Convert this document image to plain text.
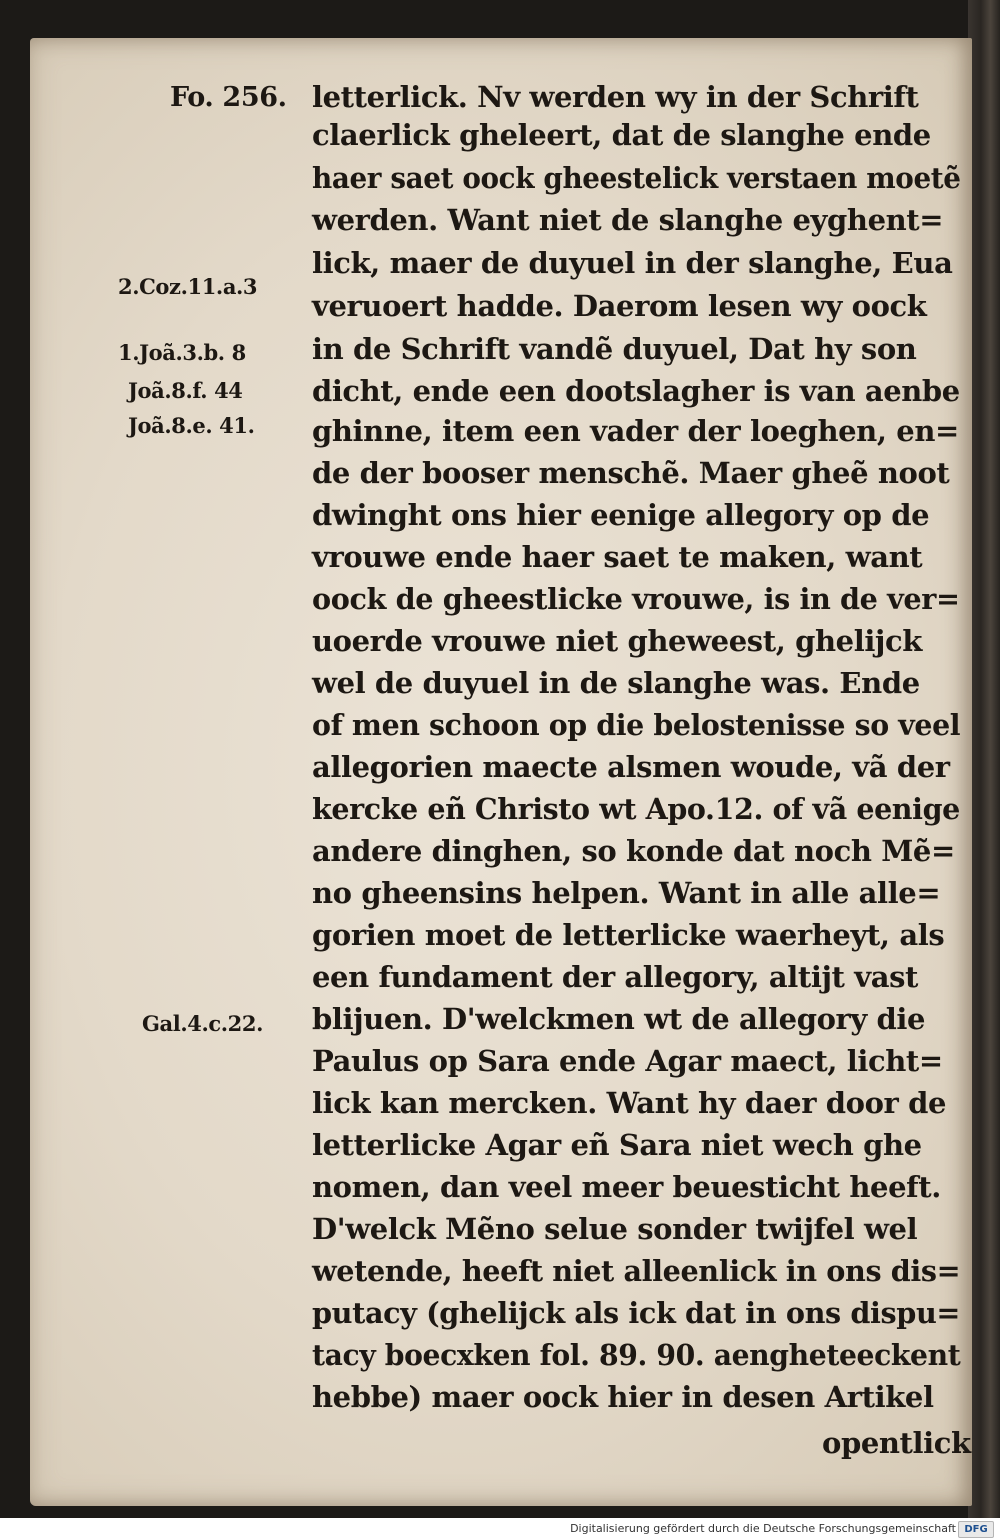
Fo. 256.

2.Coz.11.a.3

1.Joã.3.b. 8

Joã.8.f. 44

Joã.8.e. 41.

Gal.4.c.22.

letterlick. Nv werden wy in der Schrift

claerlick gheleert, dat de slanghe ende

haer saet oock gheestelick verstaen moetẽ

werden. Want niet de slanghe eyghent=

lick, maer de duyuel in der slanghe, Eua

veruoert hadde. Daerom lesen wy oock

in de Schrift vandẽ duyuel, Dat hy son

dicht, ende een dootslagher is van aenbe

ghinne, item een vader der loeghen, en=

de der booser menschẽ. Maer gheẽ noot

dwinght ons hier eenige allegory op de

vrouwe ende haer saet te maken, want

oock de gheestlicke vrouwe, is in de ver=

uoerde vrouwe niet gheweest, ghelijck

wel de duyuel in de slanghe was. Ende

of men schoon op die belostenisse so veel

allegorien maecte alsmen woude, vã der

kercke eñ Christo wt Apo.12. of vã eenige

andere dinghen, so konde dat noch Mẽ=

no gheensins helpen. Want in alle alle=

gorien moet de letterlicke waerheyt, als

een fundament der allegory, altijt vast

blijuen. D'welckmen wt de allegory die

Paulus op Sara ende Agar maect, licht=

lick kan mercken. Want hy daer door de

letterlicke Agar eñ Sara niet wech ghe

nomen, dan veel meer beuesticht heeft.

D'welck Mẽno selue sonder twijfel wel

wetende, heeft niet alleenlick in ons dis=

putacy (ghelijck als ick dat in ons dispu=

tacy boecxken fol. 89. 90. aengheteeckent

hebbe) maer oock hier in desen Artikel

opentlick

Digitalisierung gefördert durch die Deutsche Forschungsgemeinschaft DFG
